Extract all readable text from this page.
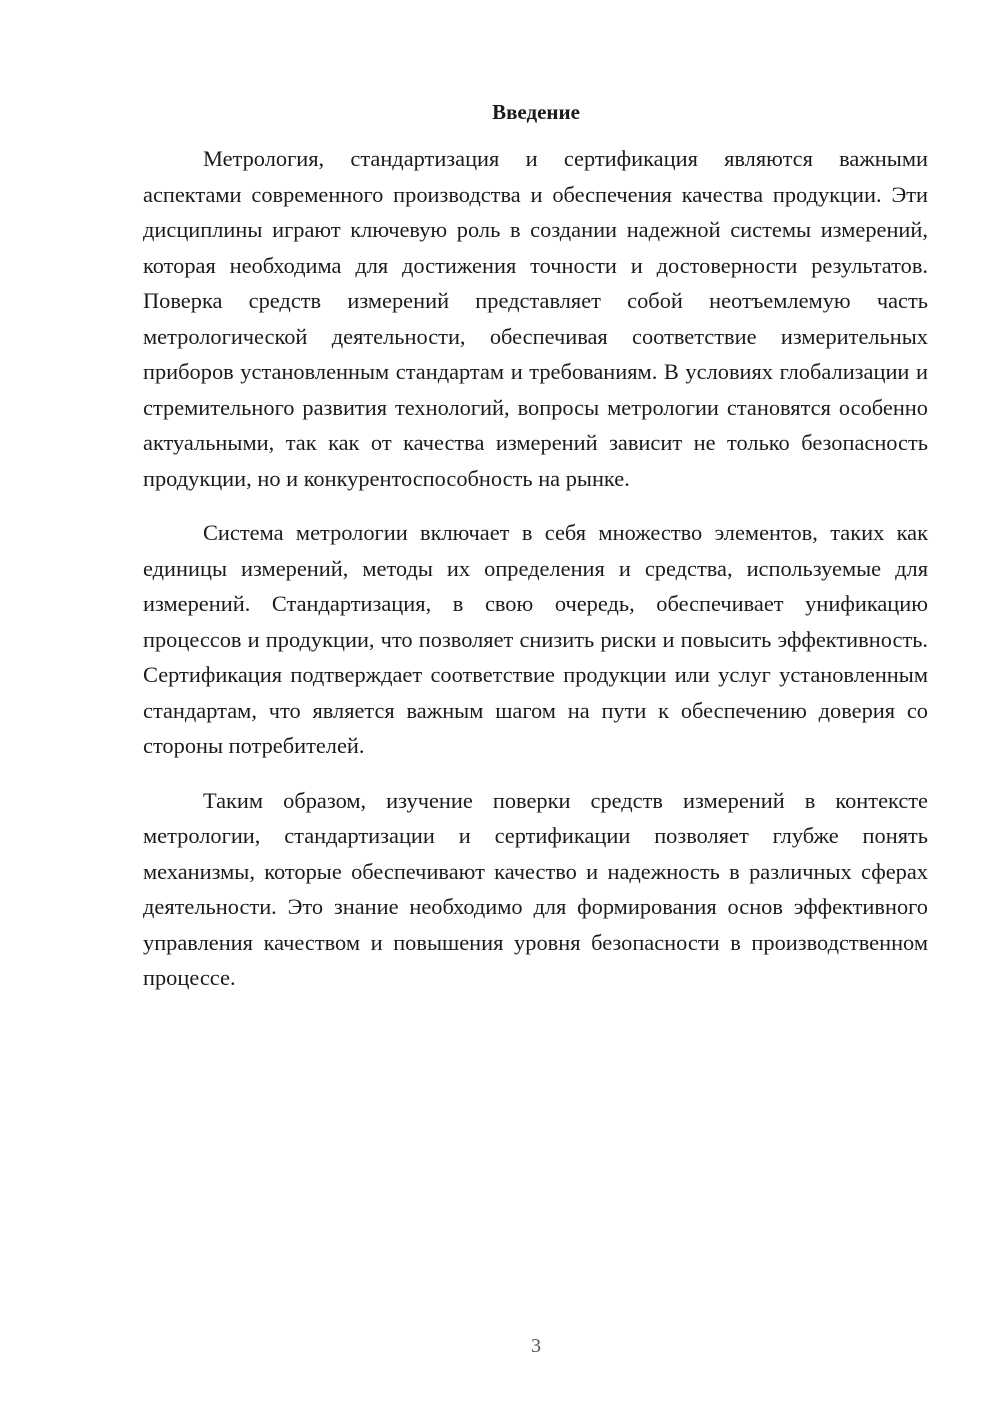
Введение

Метрология, стандартизация и сертификация являются важными аспектами современного производства и обеспечения качества продукции. Эти дисциплины играют ключевую роль в создании надежной системы измерений, которая необходима для достижения точности и достоверности результатов. Поверка средств измерений представляет собой неотъемлемую часть метрологической деятельности, обеспечивая соответствие измерительных приборов установленным стандартам и требованиям. В условиях глобализации и стремительного развития технологий, вопросы метрологии становятся особенно актуальными, так как от качества измерений зависит не только безопасность продукции, но и конкурентоспособность на рынке.

Система метрологии включает в себя множество элементов, таких как единицы измерений, методы их определения и средства, используемые для измерений. Стандартизация, в свою очередь, обеспечивает унификацию процессов и продукции, что позволяет снизить риски и повысить эффективность. Сертификация подтверждает соответствие продукции или услуг установленным стандартам, что является важным шагом на пути к обеспечению доверия со стороны потребителей.

Таким образом, изучение поверки средств измерений в контексте метрологии, стандартизации и сертификации позволяет глубже понять механизмы, которые обеспечивают качество и надежность в различных сферах деятельности. Это знание необходимо для формирования основ эффективного управления качеством и повышения уровня безопасности в производственном процессе.

3
